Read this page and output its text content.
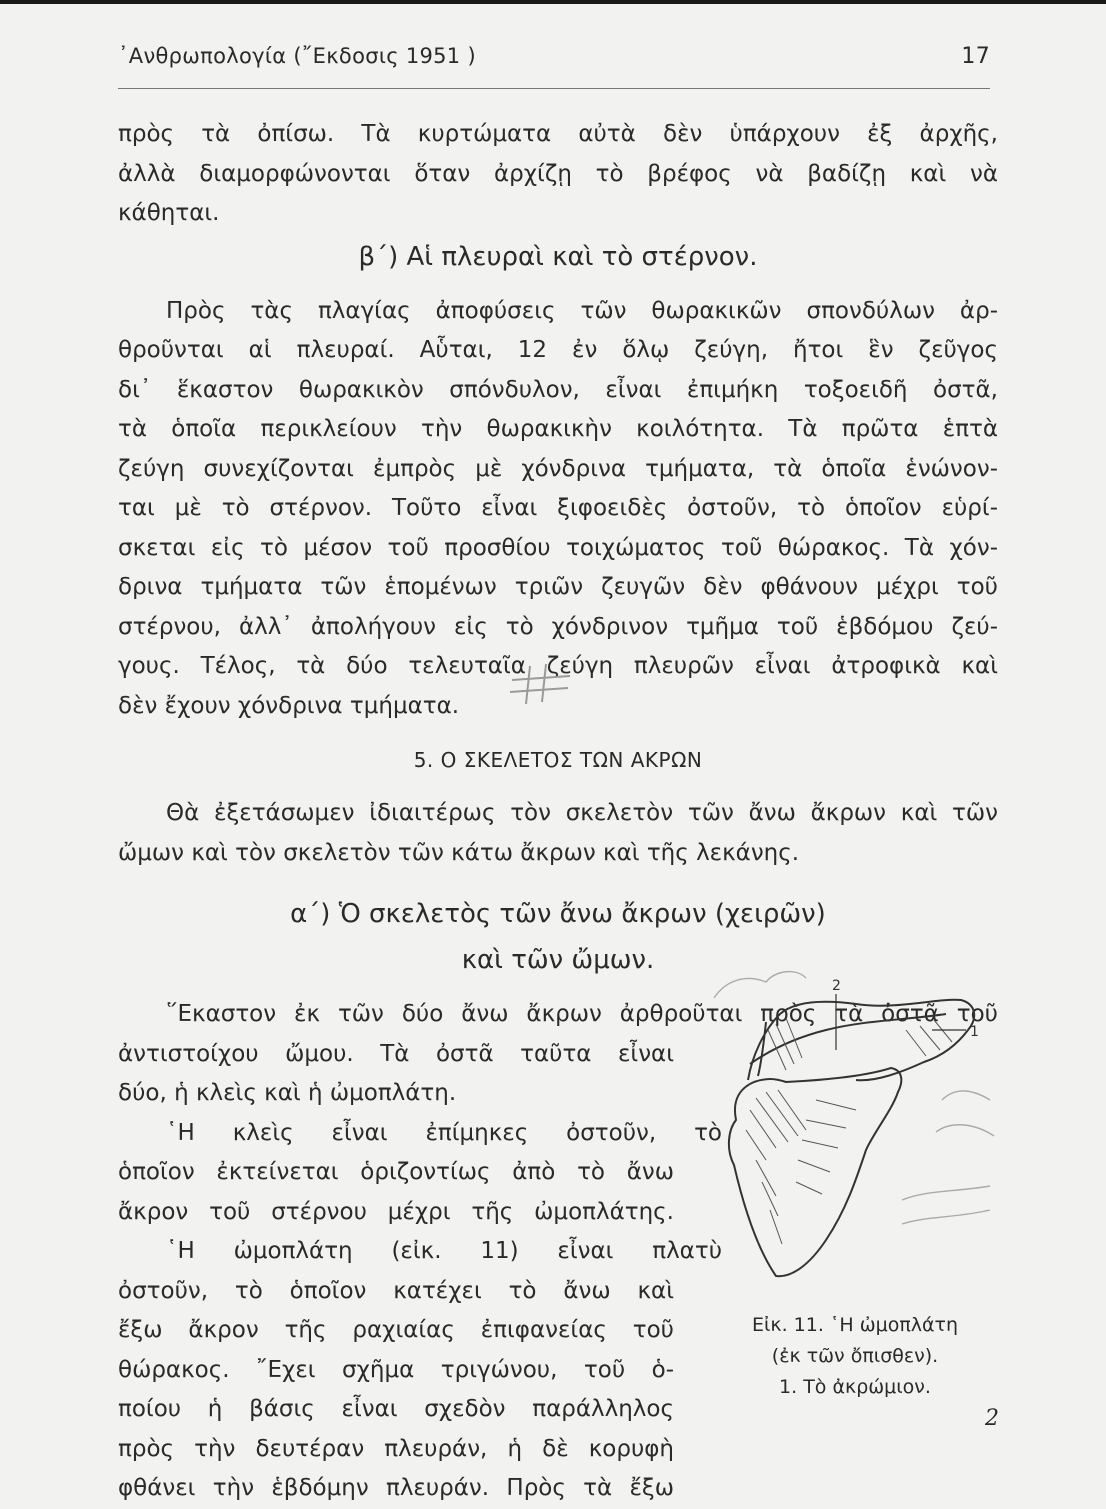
᾽Ανθρωπολογία (῎Εκδοσις 1951 )	17
πρὸς τὰ ὀπίσω. Τὰ κυρτώματα αὐτὰ δὲν ὑπάρχουν ἐξ ἀρχῆς,
ἀλλὰ διαμορφώνονται ὅταν ἀρχίζῃ τὸ βρέφος νὰ βαδίζῃ καὶ νὰ
κάθηται.
β΄) Αἱ πλευραὶ καὶ τὸ στέρνον.
Πρὸς τὰς πλαγίας ἀποφύσεις τῶν θωρακικῶν σπονδύλων ἀρ-
θροῦνται αἱ πλευραί. Αὗται, 12 ἐν ὅλῳ ζεύγη, ἤτοι ἓν ζεῦγος
δι᾽ ἕκαστον θωρακικὸν σπόνδυλον, εἶναι ἐπιμήκη τοξοειδῆ ὀστᾶ,
τὰ ὁποῖα περικλείουν τὴν θωρακικὴν κοιλότητα. Τὰ πρῶτα ἑπτὰ
ζεύγη συνεχίζονται ἐμπρὸς μὲ χόνδρινα τμήματα, τὰ ὁποῖα ἑνώνον-
ται μὲ τὸ στέρνον. Τοῦτο εἶναι ξιφοειδὲς ὀστοῦν, τὸ ὁποῖον εὑρί-
σκεται εἰς τὸ μέσον τοῦ προσθίου τοιχώματος τοῦ θώρακος. Τὰ χόν-
δρινα τμήματα τῶν ἑπομένων τριῶν ζευγῶν δὲν φθάνουν μέχρι τοῦ
στέρνου, ἀλλ᾽ ἀπολήγουν εἰς τὸ χόνδρινον τμῆμα τοῦ ἑβδόμου ζεύ-
γους. Τέλος, τὰ δύο τελευταῖα ζεύγη πλευρῶν εἶναι ἀτροφικὰ καὶ
δὲν ἔχουν χόνδρινα τμήματα.
5. Ο ΣΚΕΛΕΤΟΣ ΤΩΝ ΑΚΡΩΝ
Θὰ ἐξετάσωμεν ἰδιαιτέρως τὸν σκελετὸν τῶν ἄνω ἄκρων καὶ τῶν
ὤμων καὶ τὸν σκελετὸν τῶν κάτω ἄκρων καὶ τῆς λεκάνης.
α΄) Ὁ σκελετὸς τῶν ἄνω ἄκρων (χειρῶν)
καὶ τῶν ὤμων.
῞Εκαστον ἐκ τῶν δύο ἄνω ἄκρων ἀρθροῦται πρὸς τὰ ὀστᾶ τοῦ
ἀντιστοίχου ὤμου. Τὰ ὀστᾶ ταῦτα εἶναι
δύο, ἡ κλεὶς καὶ ἡ ὠμοπλάτη.
῾Η κλεὶς εἶναι ἐπίμηκες ὀστοῦν, τὸ
ὁποῖον ἐκτείνεται ὁριζοντίως ἀπὸ τὸ ἄνω
ἄκρον τοῦ στέρνου μέχρι τῆς ὠμοπλάτης.
῾Η ὠμοπλάτη (εἰκ. 11) εἶναι πλατὺ
ὀστοῦν, τὸ ὁποῖον κατέχει τὸ ἄνω καὶ
ἔξω ἄκρον τῆς ραχιαίας ἐπιφανείας τοῦ
θώρακος. ῎Εχει σχῆμα τριγώνου, τοῦ ὁ-
ποίου ἡ βάσις εἶναι σχεδὸν παράλληλος
πρὸς τὴν δευτέραν πλευράν, ἡ δὲ κορυφὴ
φθάνει τὴν ἑβδόμην πλευράν. Πρὸς τὰ ἔξω
2
1
Εἰκ. 11. ῾Η ὠμοπλάτη
(ἐκ τῶν ὄπισθεν).
1. Τὸ ἀκρώμιον.
2
